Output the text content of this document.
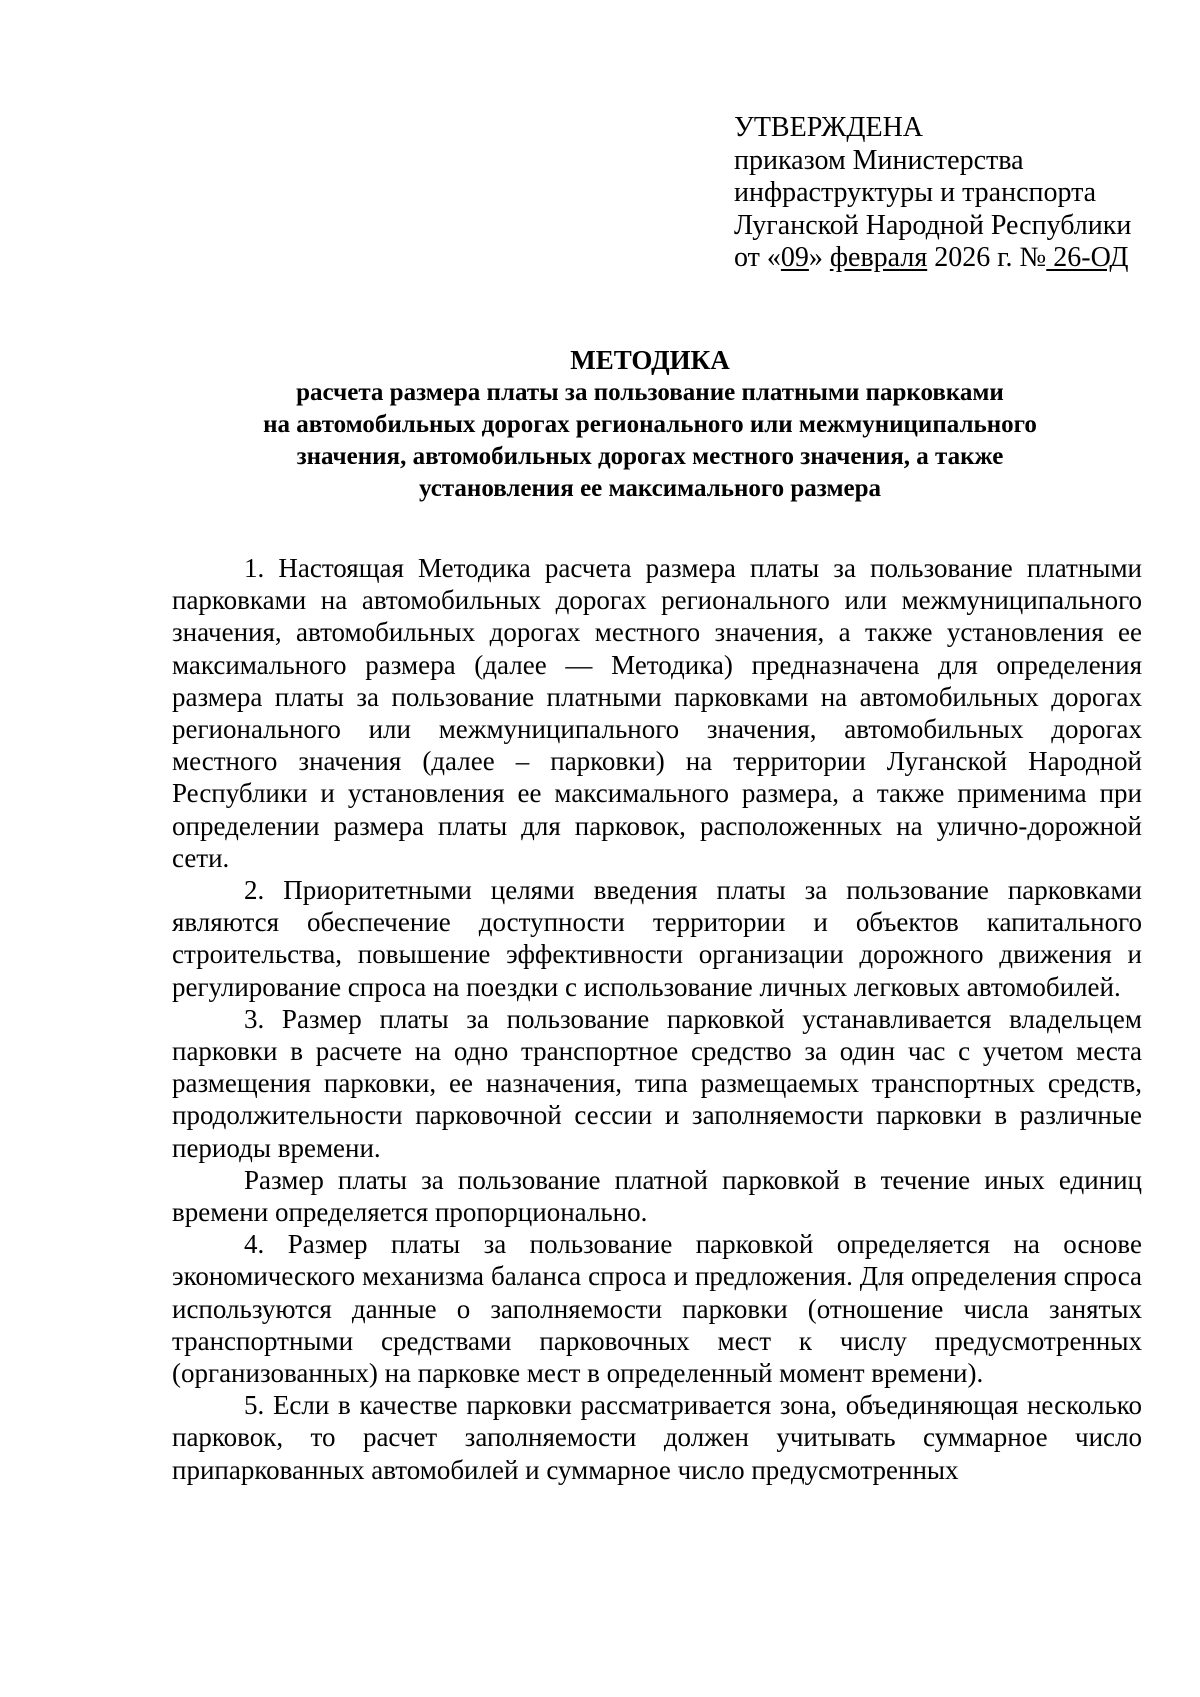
УТВЕРЖДЕНА
приказом Министерства
инфраструктуры и транспорта
Луганской Народной Республики
от «09» февраля 2026 г. № 26-ОД
МЕТОДИКА
расчета размера платы за пользование платными парковками
на автомобильных дорогах регионального или межмуниципального
значения, автомобильных дорогах местного значения, а также
установления ее максимального размера

1. Настоящая Методика расчета размера платы за пользование платными парковками на автомобильных дорогах регионального или межмуниципального значения, автомобильных дорогах местного значения, а также установления ее максимального размера (далее — Методика) предназначена для определения размера платы за пользование платными парковками на автомобильных дорогах регионального или межмуниципального значения, автомобильных дорогах местного значения (далее – парковки) на территории Луганской Народной Республики и установления ее максимального размера, а также применима при определении размера платы для парковок, расположенных на улично-дорожной сети.

2. Приоритетными целями введения платы за пользование парковками являются обеспечение доступности территории и объектов капитального строительства, повышение эффективности организации дорожного движения и регулирование спроса на поездки с использование личных легковых автомобилей.

3. Размер платы за пользование парковкой устанавливается владельцем парковки в расчете на одно транспортное средство за один час с учетом места размещения парковки, ее назначения, типа размещаемых транспортных средств, продолжительности парковочной сессии и заполняемости парковки в различные периоды времени.

Размер платы за пользование платной парковкой в течение иных единиц времени определяется пропорционально.

4. Размер платы за пользование парковкой определяется на основе экономического механизма баланса спроса и предложения. Для определения спроса используются данные о заполняемости парковки (отношение числа занятых транспортными средствами парковочных мест к числу предусмотренных (организованных) на парковке мест в определенный момент времени).

5. Если в качестве парковки рассматривается зона, объединяющая несколько парковок, то расчет заполняемости должен учитывать суммарное число припаркованных автомобилей и суммарное число предусмотренных
